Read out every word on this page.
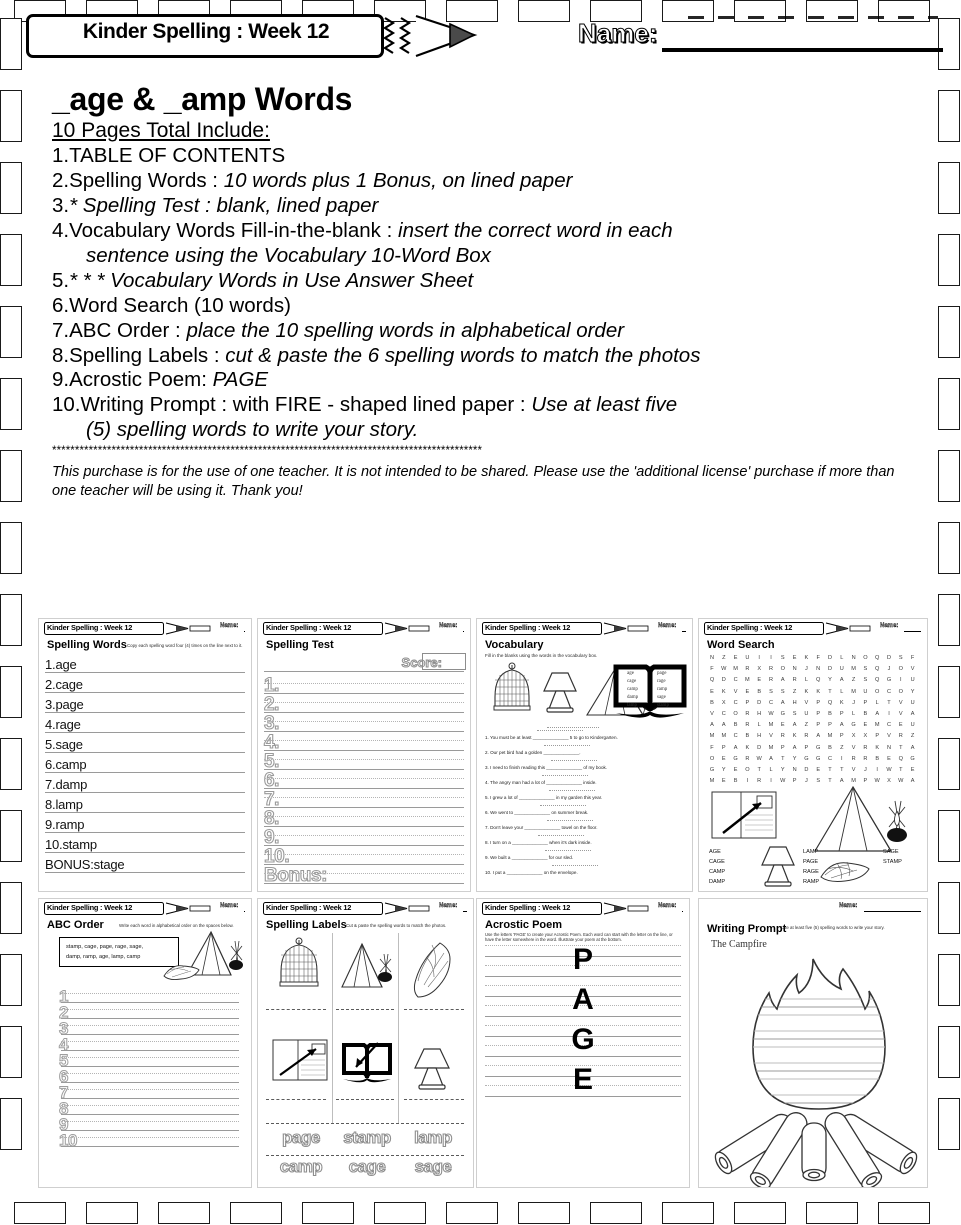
Kinder Spelling : Week 12	Name:
_age & _amp Words
10 Pages Total Include:
1.TABLE OF CONTENTS
2.Spelling Words : 10 words plus 1 Bonus, on lined paper
3.* Spelling Test : blank, lined paper
4.Vocabulary Words Fill-in-the-blank : insert the correct word in each
sentence using the Vocabulary 10-Word Box
5.* * * Vocabulary Words in Use Answer Sheet
6.Word Search (10 words)
7.ABC Order : place the 10 spelling words in alphabetical order
8.Spelling Labels : cut & paste the 6 spelling words to match the photos
9.Acrostic Poem: PAGE
10.Writing Prompt : with FIRE - shaped lined paper : Use at least five
(5) spelling words to write your story.
**********************************************************************************************
This purchase is for the use of one teacher. It is not intended to be shared. Please use the 'additional license' purchase if more than one teacher will be using it. Thank you!
Kinder Spelling : Week 12	Name:
Spelling Words Copy each spelling word four (4) times on the line next to it.
1.age
2.cage
3.page
4.rage
5.sage
6.camp
7.damp
8.lamp
9.ramp
10.stamp
BONUS:stage
Kinder Spelling : Week 12	Name:
Spelling Test
Score:
1.
2.
3.
4.
5.
6.
7.
8.
9.
10.
Bonus:
Kinder Spelling : Week 12	Name:
Vocabulary
Fill in the blanks using the words in the vocabulary box.
age
cage
camp
damp
lamp
page
rage
ramp
sage
stamp
1. You must be at least ______________ 5 to go to Kindergarten.
2. Our pet bird had a golden ______________.
3. I need to finish reading this ______________ of my book.
4. The angry man had a lot of ______________ inside.
5. I grew a lot of ______________ in my garden this year.
6. We went to ______________ on summer break.
7. Don't leave your ______________ towel on the floor.
8. I turn on a ______________ when it's dark inside.
9. We built a ______________ for our sled.
10. I put a ______________ on the envelope.
Kinder Spelling : Week 12	Name:
Word Search
N	Z	E	U	I	I	S	E	K	F	D	L	N	O	Q	D	S	F
F	W	M	R	X	R	O	N	J	N	D	U	M	S	Q	J	O	V
Q	D	C	M	E	R	A	R	L	Q	Y	A	Z	S	Q	G	I	U
E	K	V	E	B	S	S	Z	K	K	T	L	M	U	O	C	O	Y
B	X	C	P	D	C	A	H	V	P	Q	K	J	P	L	T	V	U
V	C	O	R	H	W	G	S	U	P	B	P	L	B	A	I	V	A
A	A	B	R	L	M	E	A	Z	P	P	A	G	E	M	C	E	U
M	M	C	B	H	V	R	K	R	A	M	P	X	X	P	V	R	Z
F	P	A	K	D	M	P	A	P	G	B	Z	V	R	K	N	T	A
O	E	G	R	W	A	T	Y	G	G	C	I	R	R	B	E	Q	G
G	Y	E	O	T	L	Y	N	D	E	T	T	V	J	I	W	T	E
M	E	B	I	R	I	W	P	J	S	T	A	M	P	W	X	W	A
AGE
CAGE
CAMP
DAMP
LAMP
PAGE
RAGE
RAMP
SAGE
STAMP
Kinder Spelling : Week 12	Name:
ABC Order	Write each word in alphabetical order on the spaces below.
stamp, cage, page, rage, sage,
damp, ramp, age, lamp, camp
1
2
3
4
5
6
7
8
9
10
Kinder Spelling : Week 12	Name:
Spelling Labels Cut & paste the spelling words to match the photos.
page	stamp	lamp
camp	cage	sage
Kinder Spelling : Week 12	Name:
Acrostic Poem
Use the letters 'PAGE' to create your Acrostic Poem. Each word can start with the letter on the line, or have the letter somewhere in the word. Illustrate your poem at the bottom.
P
A
G
E
Name:
Writing Prompt
Use at least five (5) spelling words to write your story.
The Campfire
